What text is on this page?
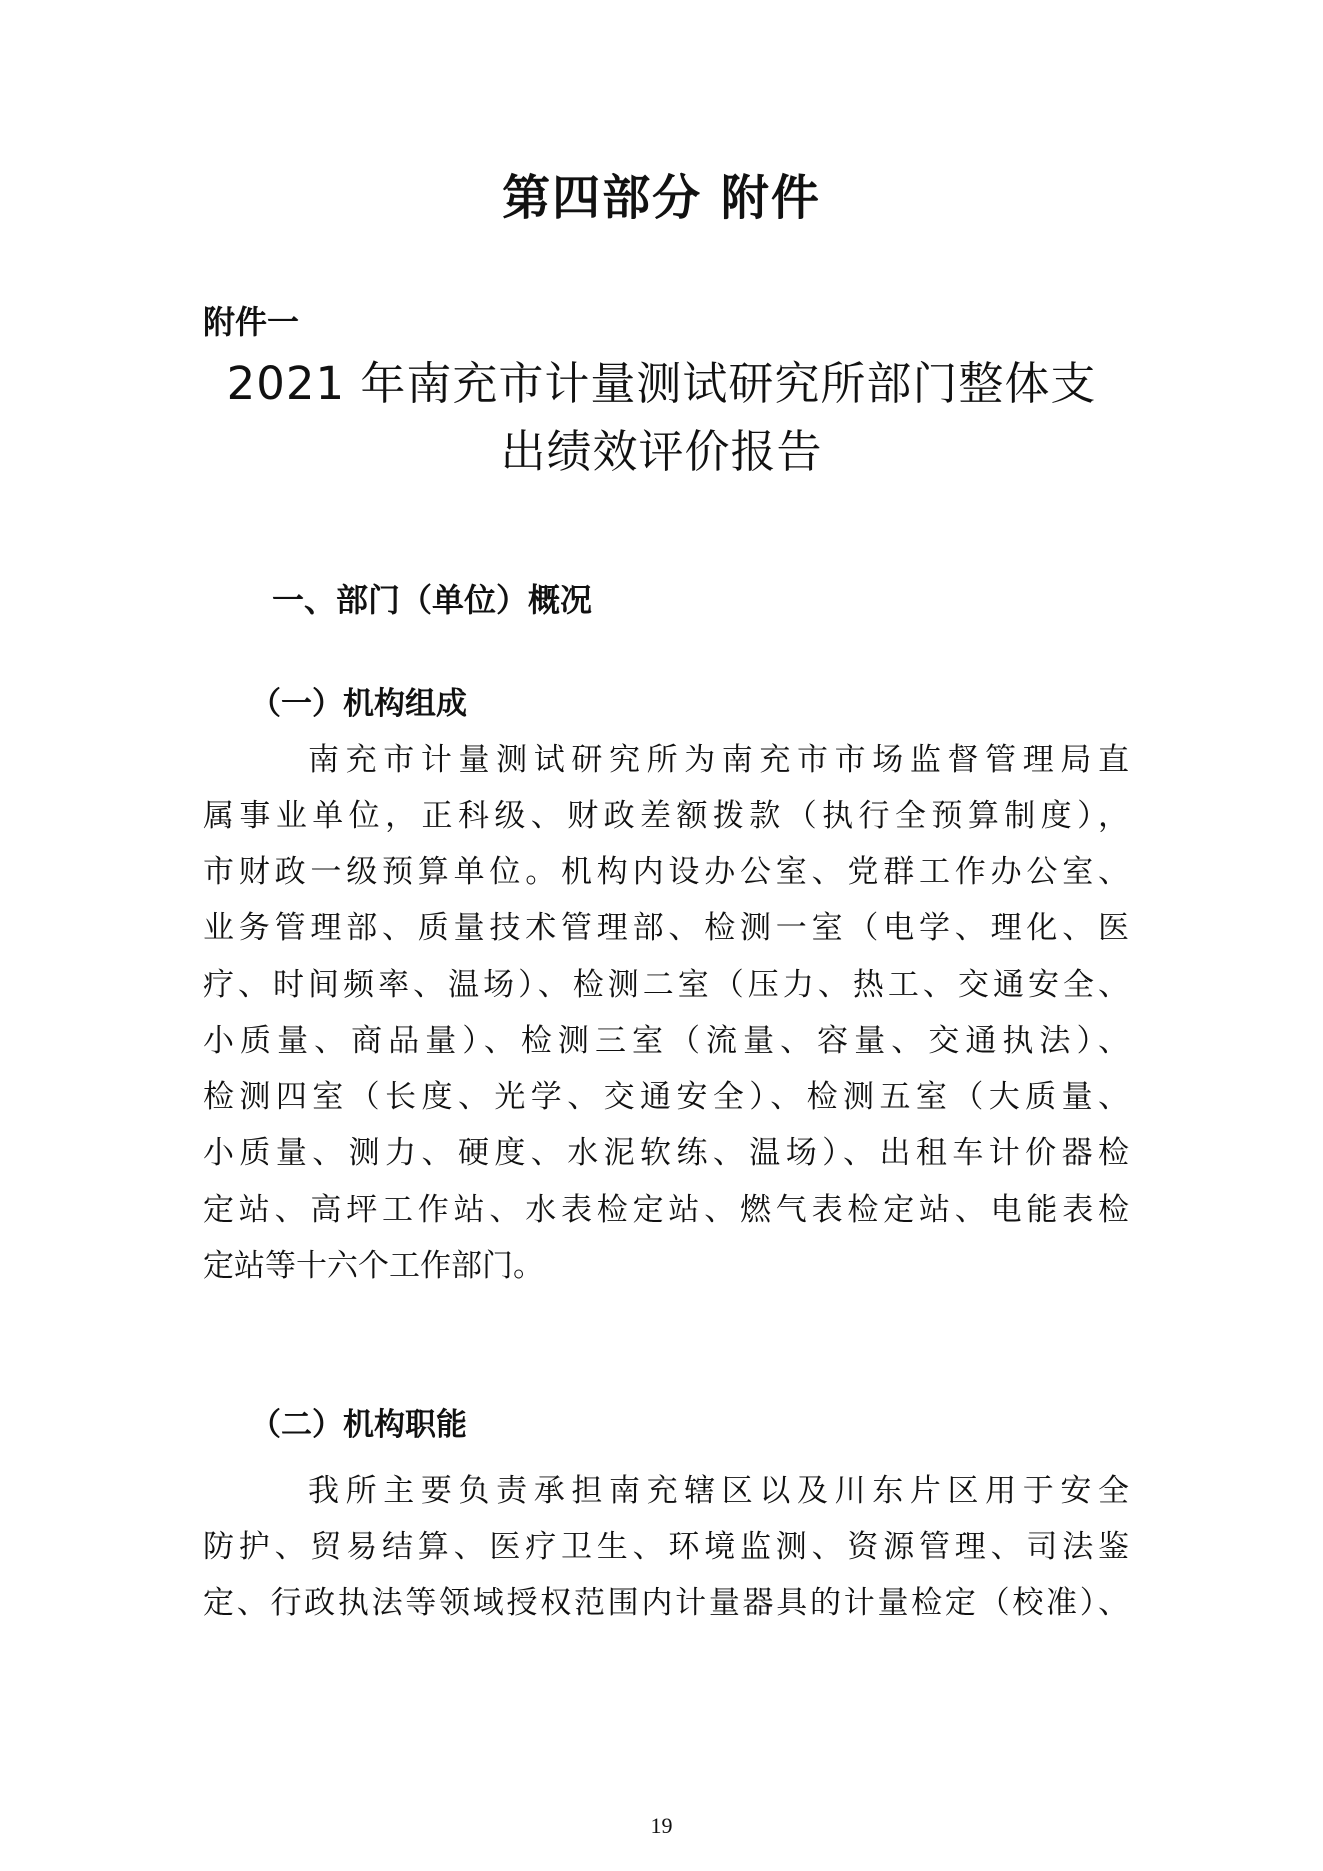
第四部分 附件
附件一
2021 年南充市计量测试研究所部门整体支
出绩效评价报告
一、部门（单位）概况
（一）机构组成
南充市计量测试研究所为南充市市场监督管理局直
属事业单位，正科级、财政差额拨款（执行全预算制度），
市财政一级预算单位。机构内设办公室、党群工作办公室、
业务管理部、质量技术管理部、检测一室（电学、理化、医
疗、时间频率、温场）、检测二室（压力、热工、交通安全、
小质量、商品量）、检测三室（流量、容量、交通执法）、
检测四室（长度、光学、交通安全）、检测五室（大质量、
小质量、测力、硬度、水泥软练、温场）、出租车计价器检
定站、高坪工作站、水表检定站、燃气表检定站、电能表检
定站等十六个工作部门。
（二）机构职能
我所主要负责承担南充辖区以及川东片区用于安全
防护、贸易结算、医疗卫生、环境监测、资源管理、司法鉴
定、行政执法等领域授权范围内计量器具的计量检定（校准）、
19
